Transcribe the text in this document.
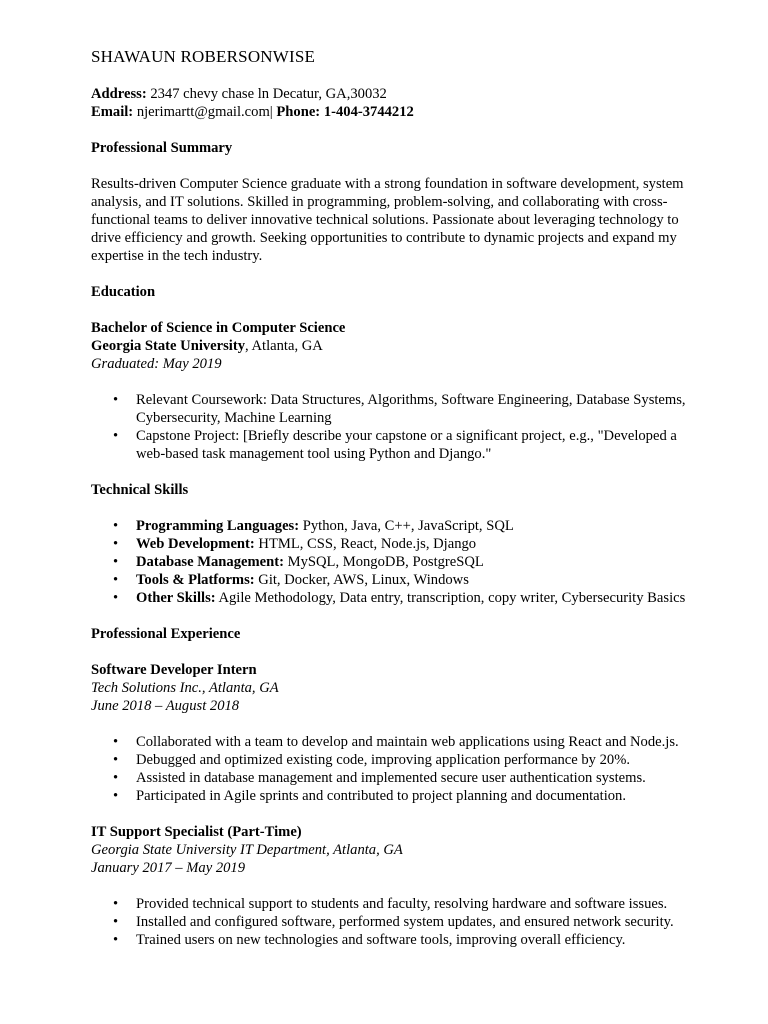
SHAWAUN ROBERSONWISE

Address: 2347 chevy chase ln Decatur, GA,30032

Email: njerimartt@gmail.com| Phone: 1-404-3744212

Professional Summary

Results-driven Computer Science graduate with a strong foundation in software development, system analysis, and IT solutions. Skilled in programming, problem-solving, and collaborating with cross-functional teams to deliver innovative technical solutions. Passionate about leveraging technology to drive efficiency and growth. Seeking opportunities to contribute to dynamic projects and expand my expertise in the tech industry.

Education

Bachelor of Science in Computer Science

Georgia State University, Atlanta, GA

Graduated: May 2019

• Relevant Coursework: Data Structures, Algorithms, Software Engineering, Database Systems, Cybersecurity, Machine Learning
• Capstone Project: [Briefly describe your capstone or a significant project, e.g., "Developed a web-based task management tool using Python and Django."
Technical Skills
• Programming Languages: Python, Java, C++, JavaScript, SQL
• Web Development: HTML, CSS, React, Node.js, Django
• Database Management: MySQL, MongoDB, PostgreSQL
• Tools & Platforms: Git, Docker, AWS, Linux, Windows
• Other Skills: Agile Methodology, Data entry, transcription, copy writer, Cybersecurity Basics
Professional Experience

Software Developer Intern

Tech Solutions Inc., Atlanta, GA

June 2018 – August 2018

• Collaborated with a team to develop and maintain web applications using React and Node.js.
• Debugged and optimized existing code, improving application performance by 20%.
• Assisted in database management and implemented secure user authentication systems.
• Participated in Agile sprints and contributed to project planning and documentation.

IT Support Specialist (Part-Time)

Georgia State University IT Department, Atlanta, GA

January 2017 – May 2019

• Provided technical support to students and faculty, resolving hardware and software issues.
• Installed and configured software, performed system updates, and ensured network security.
• Trained users on new technologies and software tools, improving overall efficiency.
